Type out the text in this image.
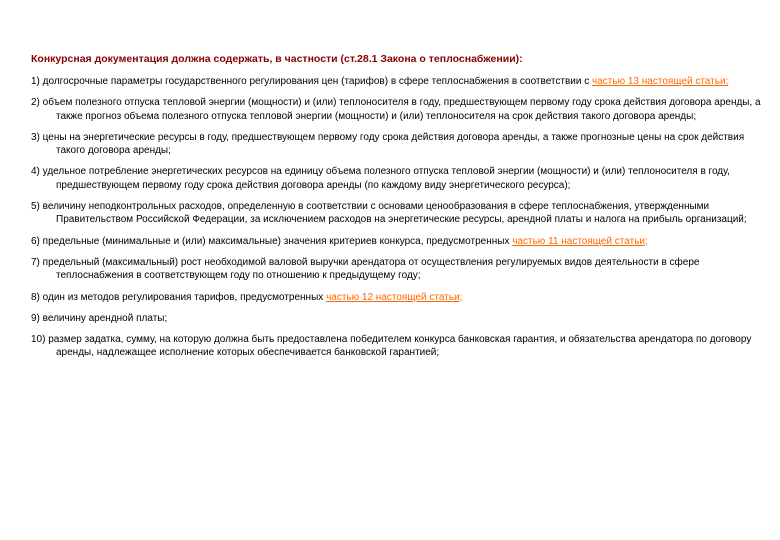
Конкурсная документация должна содержать, в частности (ст.28.1 Закона о теплоснабжении):
1) долгосрочные параметры государственного регулирования цен (тарифов) в сфере теплоснабжения в соответствии с частью 13 настоящей статьи;
2) объем полезного отпуска тепловой энергии (мощности) и (или) теплоносителя в году, предшествующем первому году срока действия договора аренды, а также прогноз объема полезного отпуска тепловой энергии (мощности) и (или) теплоносителя на срок действия такого договора аренды;
3) цены на энергетические ресурсы в году, предшествующем первому году срока действия договора аренды, а также прогнозные цены на срок действия такого договора аренды;
4) удельное потребление энергетических ресурсов на единицу объема полезного отпуска тепловой энергии (мощности) и (или) теплоносителя в году, предшествующем первому году срока действия договора аренды (по каждому виду энергетического ресурса);
5) величину неподконтрольных расходов, определенную в соответствии с основами ценообразования в сфере теплоснабжения, утвержденными Правительством Российской Федерации, за исключением расходов на энергетические ресурсы, арендной платы и налога на прибыль организаций;
6) предельные (минимальные и (или) максимальные) значения критериев конкурса, предусмотренных частью 11 настоящей статьи;
7) предельный (максимальный) рост необходимой валовой выручки арендатора от осуществления регулируемых видов деятельности в сфере теплоснабжения в соответствующем году по отношению к предыдущему году;
8) один из методов регулирования тарифов, предусмотренных частью 12 настоящей статьи;
9) величину арендной платы;
10) размер задатка, сумму, на которую должна быть предоставлена победителем конкурса банковская гарантия, и обязательства арендатора по договору аренды, надлежащее исполнение которых обеспечивается банковской гарантией;
